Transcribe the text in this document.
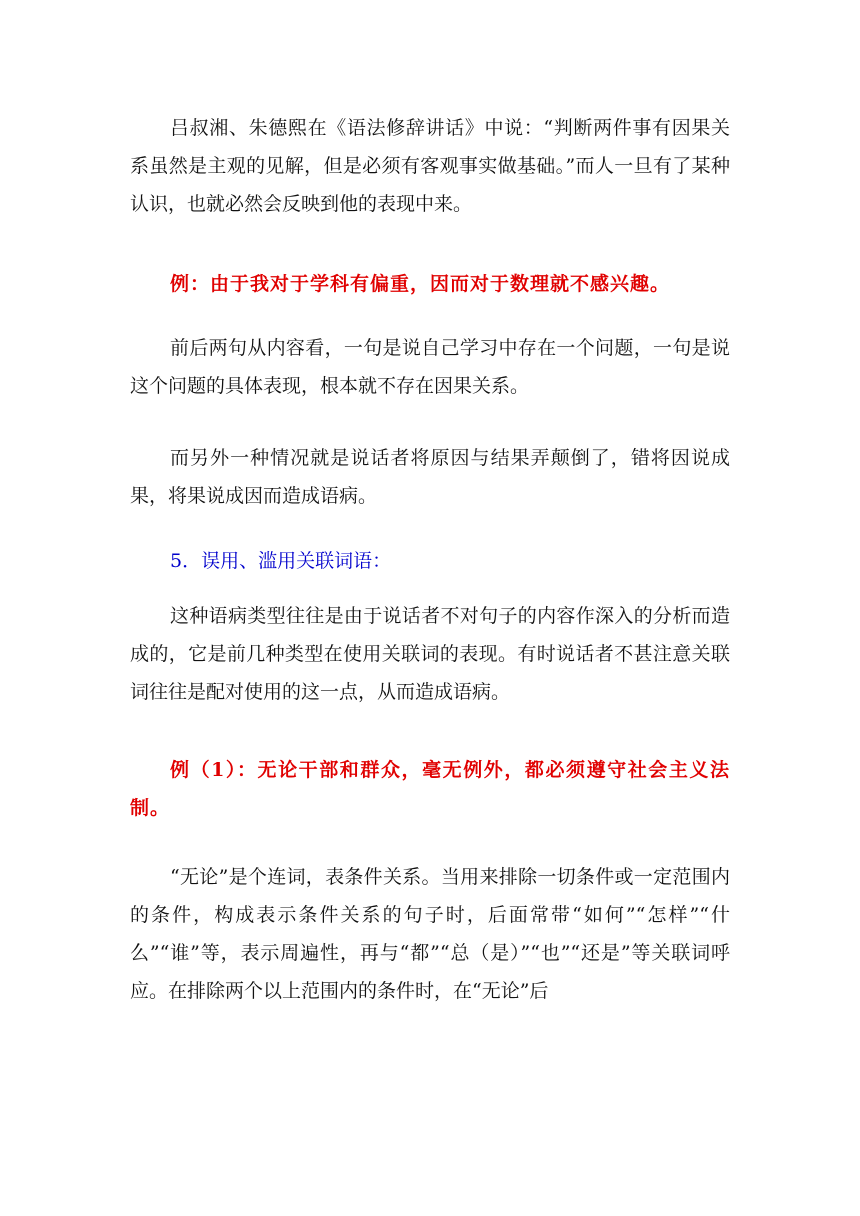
吕叔湘、朱德熙在《语法修辞讲话》中说：“判断两件事有因果关系虽然是主观的见解，但是必须有客观事实做基础。”而人一旦有了某种认识，也就必然会反映到他的表现中来。

例：由于我对于学科有偏重，因而对于数理就不感兴趣。

前后两句从内容看，一句是说自己学习中存在一个问题，一句是说这个问题的具体表现，根本就不存在因果关系。

而另外一种情况就是说话者将原因与结果弄颠倒了，错将因说成果，将果说成因而造成语病。

5．误用、滥用关联词语：

这种语病类型往往是由于说话者不对句子的内容作深入的分析而造成的，它是前几种类型在使用关联词的表现。有时说话者不甚注意关联词往往是配对使用的这一点，从而造成语病。

例（1）：无论干部和群众，毫无例外，都必须遵守社会主义法制。

“无论”是个连词，表条件关系。当用来排除一切条件或一定范围内的条件，构成表示条件关系的句子时，后面常带“如何”“怎样”“什么”“谁”等，表示周遍性，再与“都”“总（是）”“也”“还是”等关联词呼应。在排除两个以上范围内的条件时，在“无论”后
